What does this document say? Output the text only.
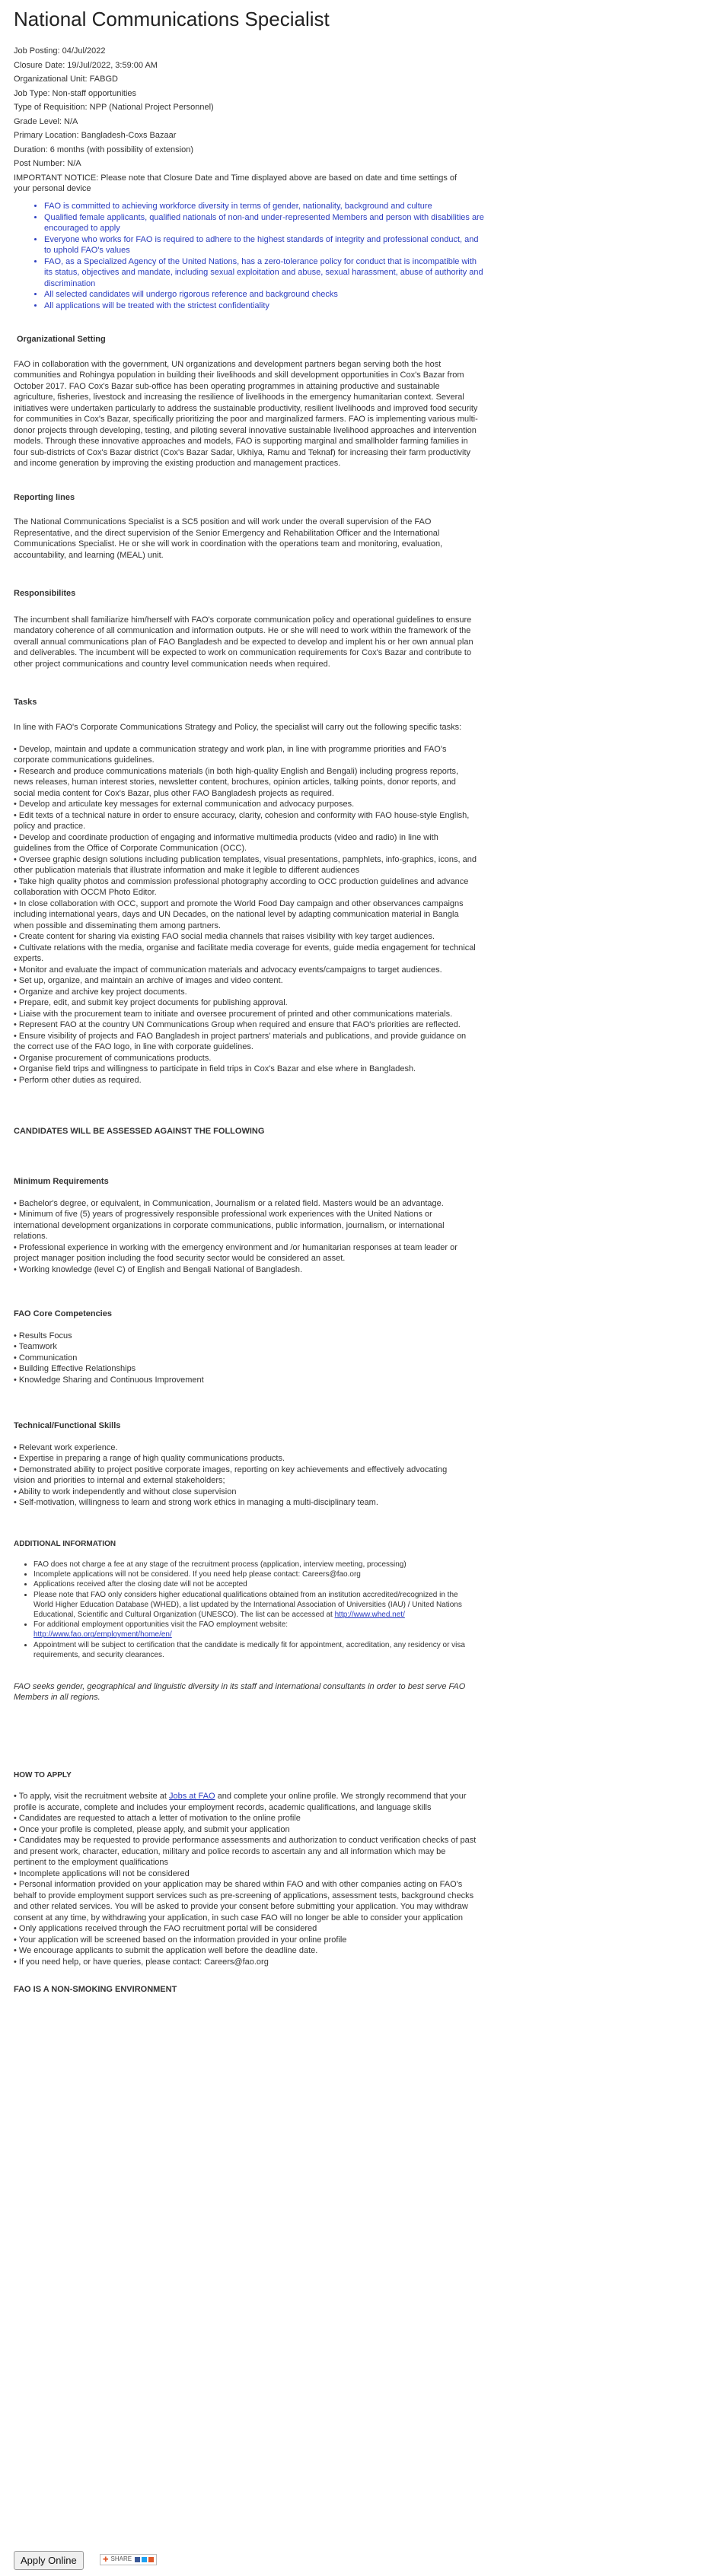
National Communications Specialist
Job Posting: 04/Jul/2022
Closure Date: 19/Jul/2022, 3:59:00 AM
Organizational Unit: FABGD
Job Type: Non-staff opportunities
Type of Requisition: NPP (National Project Personnel)
Grade Level: N/A
Primary Location: Bangladesh-Coxs Bazaar
Duration: 6 months (with possibility of extension)
Post Number: N/A
IMPORTANT NOTICE: Please note that Closure Date and Time displayed above are based on date and time settings of your personal device
• FAO is committed to achieving workforce diversity in terms of gender, nationality, background and culture
• Qualified female applicants, qualified nationals of non-and under-represented Members and person with disabilities are encouraged to apply
• Everyone who works for FAO is required to adhere to the highest standards of integrity and professional conduct, and to uphold FAO's values
• FAO, as a Specialized Agency of the United Nations, has a zero-tolerance policy for conduct that is incompatible with its status, objectives and mandate, including sexual exploitation and abuse, sexual harassment, abuse of authority and discrimination
• All selected candidates will undergo rigorous reference and background checks
• All applications will be treated with the strictest confidentiality
Organizational Setting

FAO in collaboration with the government, UN organizations and development partners began serving both the host communities and Rohingya population in building their livelihoods and skill development opportunities in Cox's Bazar from October 2017. FAO Cox's Bazar sub-office has been operating programmes in attaining productive and sustainable agriculture, fisheries, livestock and increasing the resilience of livelihoods in the emergency humanitarian context. Several initiatives were undertaken particularly to address the sustainable productivity, resilient livelihoods and improved food security for communities in Cox's Bazar, specifically prioritizing the poor and marginalized farmers. FAO is implementing various multi-donor projects through developing, testing, and piloting several innovative sustainable livelihood approaches and intervention models. Through these innovative approaches and models, FAO is supporting marginal and smallholder farming families in four sub-districts of Cox's Bazar district (Cox's Bazar Sadar, Ukhiya, Ramu and Teknaf) for increasing their farm productivity and income generation by improving the existing production and management practices.

Reporting lines

The National Communications Specialist is a SC5 position and will work under the overall supervision of the FAO Representative, and the direct supervision of the Senior Emergency and Rehabilitation Officer and the International Communications Specialist. He or she will work in coordination with the operations team and monitoring, evaluation, accountability, and learning (MEAL) unit.

Responsibilites

The incumbent shall familiarize him/herself with FAO's corporate communication policy and operational guidelines to ensure mandatory coherence of all communication and information outputs. He or she will need to work within the framework of the overall annual communications plan of FAO Bangladesh and be expected to develop and implent his or her own annual plan and deliverables. The incumbent will be expected to work on communication requirements for Cox's Bazar and contribute to other project communications and country level communication needs when required.

Tasks

In line with FAO's Corporate Communications Strategy and Policy, the specialist will carry out the following specific tasks:

• Develop, maintain and update a communication strategy and work plan, in line with programme priorities and FAO's corporate communications guidelines.
• Research and produce communications materials (in both high-quality English and Bengali) including progress reports, news releases, human interest stories, newsletter content, brochures, opinion articles, talking points, donor reports, and social media content for Cox's Bazar, plus other FAO Bangladesh projects as required.
• Develop and articulate key messages for external communication and advocacy purposes.
• Edit texts of a technical nature in order to ensure accuracy, clarity, cohesion and conformity with FAO house-style English, policy and practice.
• Develop and coordinate production of engaging and informative multimedia products (video and radio) in line with guidelines from the Office of Corporate Communication (OCC).
• Oversee graphic design solutions including publication templates, visual presentations, pamphlets, info-graphics, icons, and other publication materials that illustrate information and make it legible to different audiences
• Take high quality photos and commission professional photography according to OCC production guidelines and advance collaboration with OCCM Photo Editor.
• In close collaboration with OCC, support and promote the World Food Day campaign and other observances campaigns including international years, days and UN Decades, on the national level by adapting communication material in Bangla when possible and disseminating them among partners.
• Create content for sharing via existing FAO social media channels that raises visibility with key target audiences.
• Cultivate relations with the media, organise and facilitate media coverage for events, guide media engagement for technical experts.
• Monitor and evaluate the impact of communication materials and advocacy events/campaigns to target audiences.
• Set up, organize, and maintain an archive of images and video content.
• Organize and archive key project documents.
• Prepare, edit, and submit key project documents for publishing approval.
• Liaise with the procurement team to initiate and oversee procurement of printed and other communications materials.
• Represent FAO at the country UN Communications Group when required and ensure that FAO's priorities are reflected.
• Ensure visibility of projects and FAO Bangladesh in project partners' materials and publications, and provide guidance on the correct use of the FAO logo, in line with corporate guidelines.
• Organise procurement of communications products.
• Organise field trips and willingness to participate in field trips in Cox's Bazar and else where in Bangladesh.
• Perform other duties as required.
CANDIDATES WILL BE ASSESSED AGAINST THE FOLLOWING
Minimum Requirements
• Bachelor's degree, or equivalent, in Communication, Journalism or a related field. Masters would be an advantage.
• Minimum of five (5) years of progressively responsible professional work experiences with the United Nations or international development organizations in corporate communications, public information, journalism, or international relations.
• Professional experience in working with the emergency environment and /or humanitarian responses at team leader or project manager position including the food security sector would be considered an asset.
• Working knowledge (level C) of English and Bengali National of Bangladesh.
FAO Core Competencies
• Results Focus
• Teamwork
• Communication
• Building Effective Relationships
• Knowledge Sharing and Continuous Improvement
Technical/Functional Skills
• Relevant work experience.
• Expertise in preparing a range of high quality communications products.
• Demonstrated ability to project positive corporate images, reporting on key achievements and effectively advocating vision and priorities to internal and external stakeholders;
• Ability to work independently and without close supervision
• Self-motivation, willingness to learn and strong work ethics in managing a multi-disciplinary team.
ADDITIONAL INFORMATION
• FAO does not charge a fee at any stage of the recruitment process (application, interview meeting, processing)
• Incomplete applications will not be considered. If you need help please contact: Careers@fao.org
• Applications received after the closing date will not be accepted
• Please note that FAO only considers higher educational qualifications obtained from an institution accredited/recognized in the World Higher Education Database (WHED), a list updated by the International Association of Universities (IAU) / United Nations Educational, Scientific and Cultural Organization (UNESCO). The list can be accessed at http://www.whed.net/
• For additional employment opportunities visit the FAO employment website:
http://www.fao.org/employment/home/en/
• Appointment will be subject to certification that the candidate is medically fit for appointment, accreditation, any residency or visa requirements, and security clearances.

FAO seeks gender, geographical and linguistic diversity in its staff and international consultants in order to best serve FAO Members in all regions.

HOW TO APPLY
• To apply, visit the recruitment website at Jobs at FAO and complete your online profile. We strongly recommend that your profile is accurate, complete and includes your employment records, academic qualifications, and language skills
• Candidates are requested to attach a letter of motivation to the online profile
• Once your profile is completed, please apply, and submit your application
• Candidates may be requested to provide performance assessments and authorization to conduct verification checks of past and present work, character, education, military and police records to ascertain any and all information which may be pertinent to the employment qualifications
• Incomplete applications will not be considered
• Personal information provided on your application may be shared within FAO and with other companies acting on FAO's behalf to provide employment support services such as pre-screening of applications, assessment tests, background checks and other related services. You will be asked to provide your consent before submitting your application. You may withdraw consent at any time, by withdrawing your application, in such case FAO will no longer be able to consider your application
• Only applications received through the FAO recruitment portal will be considered
• Your application will be screened based on the information provided in your online profile
• We encourage applicants to submit the application well before the deadline date.
• If you need help, or have queries, please contact: Careers@fao.org
FAO IS A NON-SMOKING ENVIRONMENT
Apply Online	✚ SHARE
